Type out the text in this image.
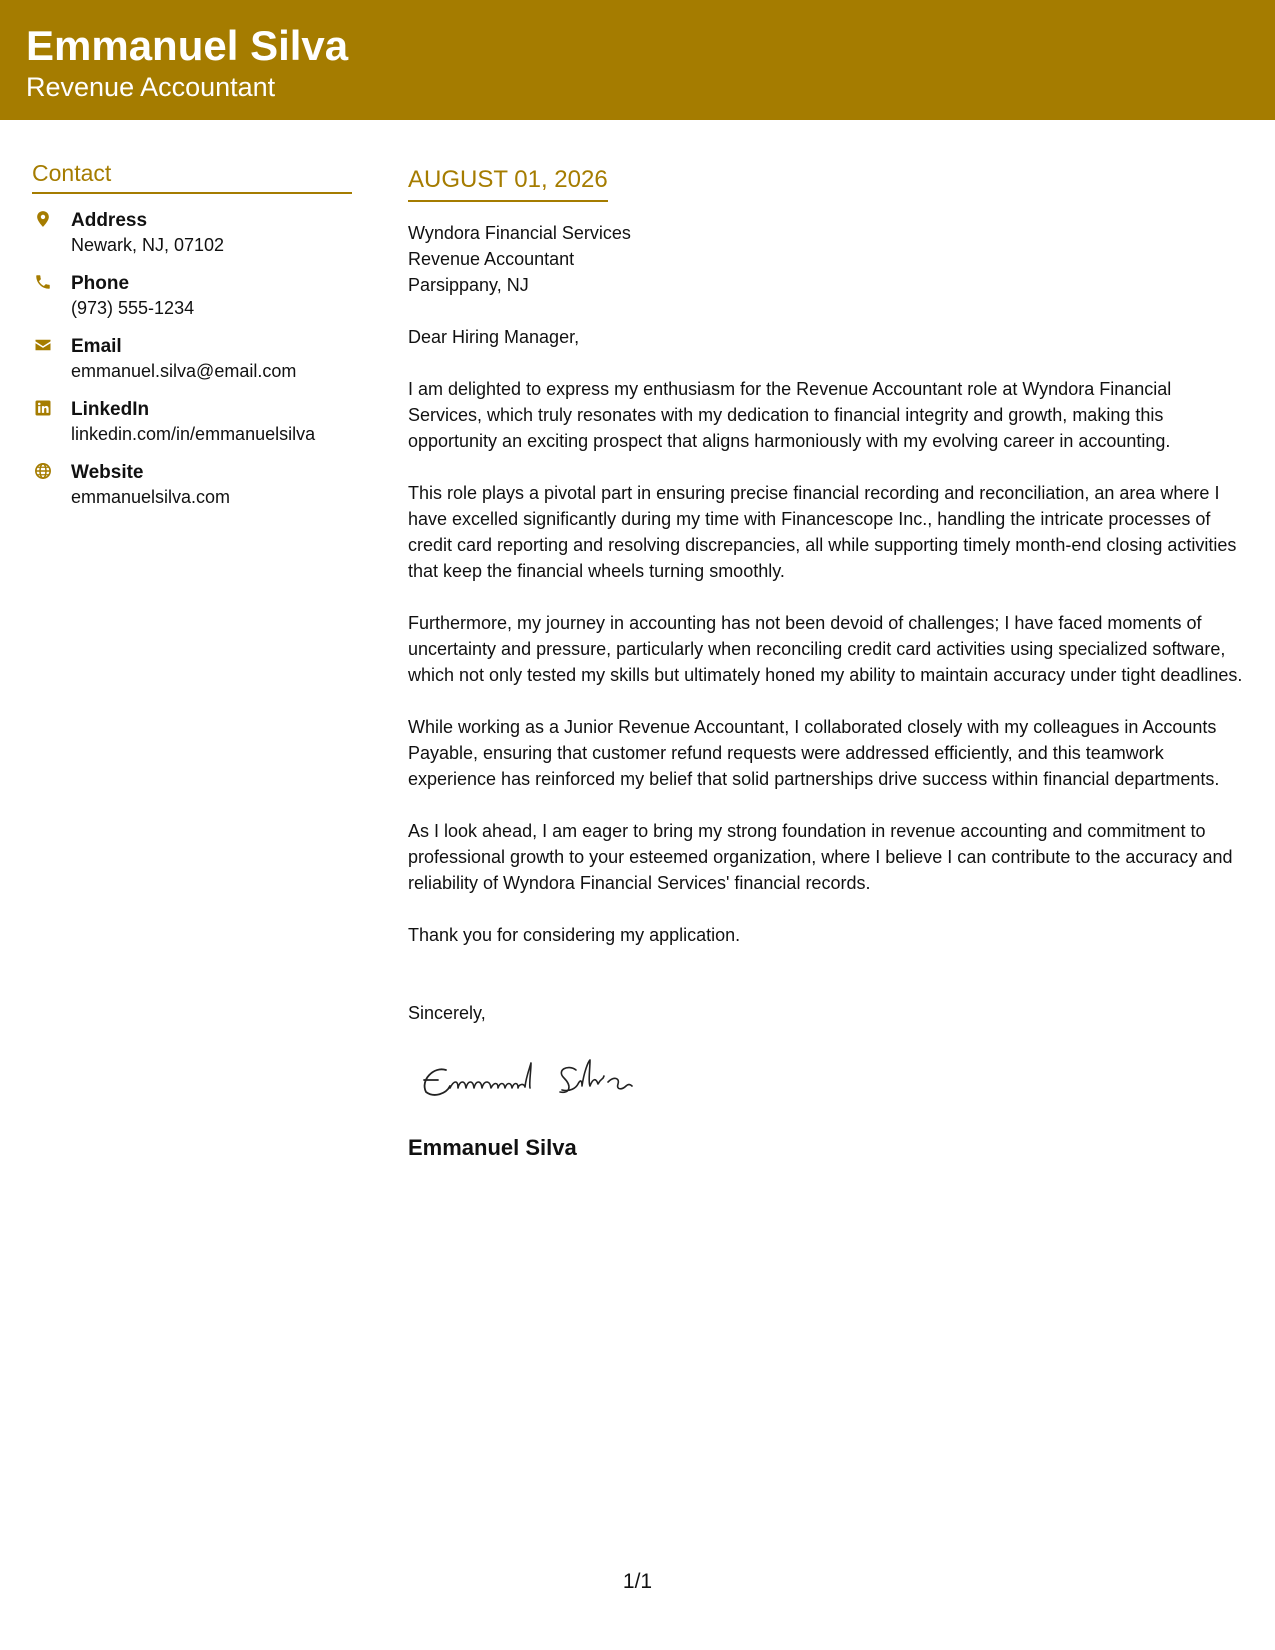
Emmanuel Silva
Revenue Accountant
Contact
Address
Newark, NJ, 07102
Phone
(973) 555-1234
Email
emmanuel.silva@email.com
LinkedIn
linkedin.com/in/emmanuelsilva
Website
emmanuelsilva.com
AUGUST 01, 2026
Wyndora Financial Services
Revenue Accountant
Parsippany, NJ

Dear Hiring Manager,

I am delighted to express my enthusiasm for the Revenue Accountant role at Wyndora Financial Services, which truly resonates with my dedication to financial integrity and growth, making this opportunity an exciting prospect that aligns harmoniously with my evolving career in accounting.

This role plays a pivotal part in ensuring precise financial recording and reconciliation, an area where I have excelled significantly during my time with Financescope Inc., handling the intricate processes of credit card reporting and resolving discrepancies, all while supporting timely month-end closing activities that keep the financial wheels turning smoothly.

Furthermore, my journey in accounting has not been devoid of challenges; I have faced moments of uncertainty and pressure, particularly when reconciling credit card activities using specialized software, which not only tested my skills but ultimately honed my ability to maintain accuracy under tight deadlines.

While working as a Junior Revenue Accountant, I collaborated closely with my colleagues in Accounts Payable, ensuring that customer refund requests were addressed efficiently, and this teamwork experience has reinforced my belief that solid partnerships drive success within financial departments.

As I look ahead, I am eager to bring my strong foundation in revenue accounting and commitment to professional growth to your esteemed organization, where I believe I can contribute to the accuracy and reliability of Wyndora Financial Services' financial records.

Thank you for considering my application.

Sincerely,
Emmanuel Silva
1/1
